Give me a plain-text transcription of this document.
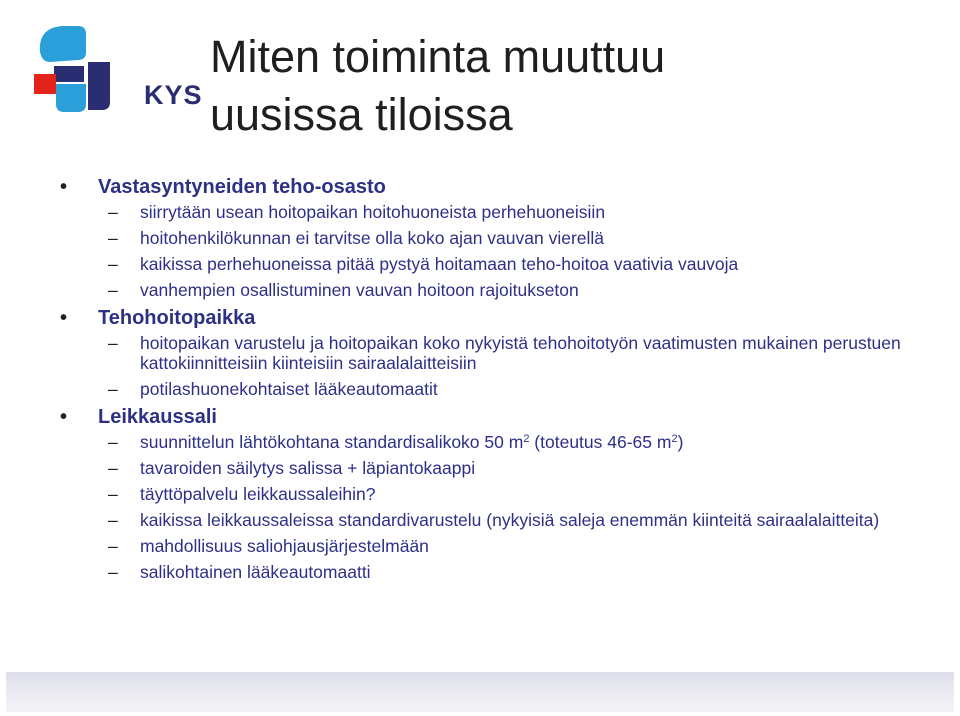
KYS
Miten toiminta muuttuu
uusissa tiloissa
• Vastasyntyneiden teho-osasto
– siirrytään usean hoitopaikan hoitohuoneista perhehuoneisiin
– hoitohenkilökunnan ei tarvitse olla koko ajan vauvan vierellä
– kaikissa perhehuoneissa pitää pystyä hoitamaan teho-hoitoa vaativia vauvoja
– vanhempien osallistuminen vauvan hoitoon rajoitukseton
• Tehohoitopaikka
– hoitopaikan varustelu ja hoitopaikan koko nykyistä tehohoitotyön vaatimusten mukainen perustuen kattokiinnitteisiin kiinteisiin sairaalalaitteisiin
– potilashuonekohtaiset lääkeautomaatit
• Leikkaussali
– suunnittelun lähtökohtana standardisalikoko 50 $m^2$ (toteutus 46-65 $m^2$)
– tavaroiden säilytys salissa + läpiantokaappi
– täyttöpalvelu leikkaussaleihin?
– kaikissa leikkaussaleissa standardivarustelu (nykyisiä saleja enemmän kiinteitä sairaalalaitteita)
– mahdollisuus saliohjausjärjestelmään
– salikohtainen lääkeautomaatti
